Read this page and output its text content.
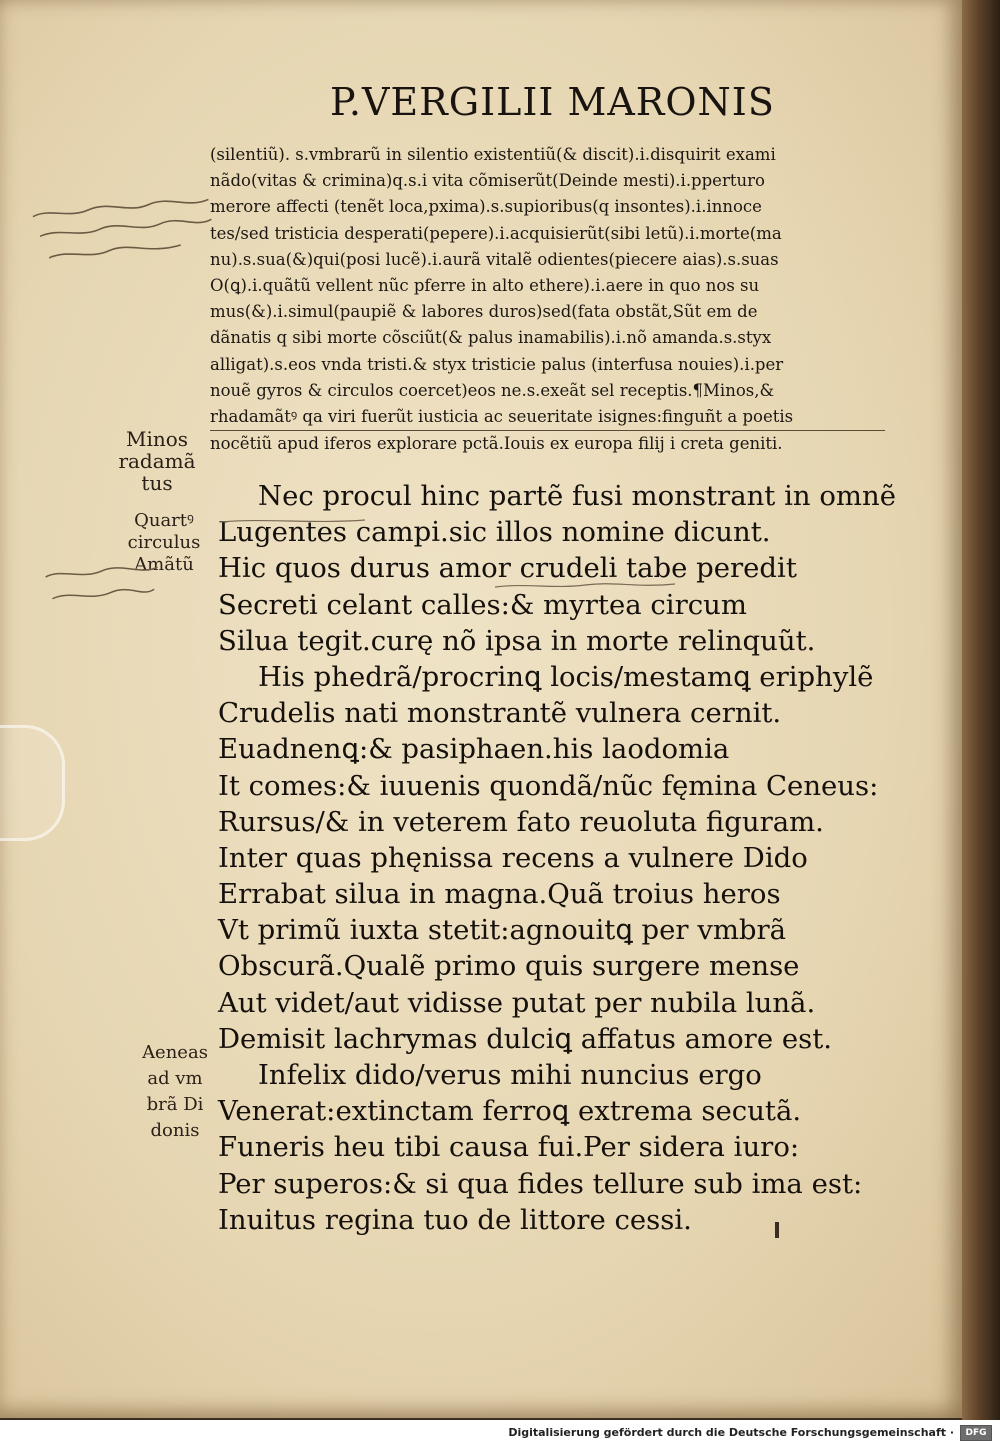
P.VERGILII MARONIS
(silentiũ). s.vmbrarũ in silentio existentiũ(& discit).i.disquirit exami
nãdo(vitas & crimina)q.s.i vita cõmiserũt(Deinde mesti).i.pperturo
merore affecti (tenẽt loca,pxima).s.supioribus(q insontes).i.innoce
tes/sed tristicia desperati(pepere).i.acquisierũt(sibi letũ).i.morte(ma
nu).s.sua(&)qui(posi lucẽ).i.aurã vitalẽ odientes(piecere aias).s.suas
O(ꝗ).i.quãtũ vellent nũc pferre in alto ethere).i.aere in quo nos su
mus(&).i.simul(paupiẽ & labores duros)sed(fata obstãt,Sũt em de
dãnatis q sibi morte cõsciũt(& palus inamabilis).i.nõ amanda.s.styx
alligat).s.eos vnda tristi.& styx tristicie palus (interfusa nouies).i.per
nouẽ gyros & circulos coercet)eos ne.s.exeãt sel receptis.¶Minos,&
rhadamãtꝰ qa viri fuerũt iusticia ac seueritate isignes:finguñt a poetis
nocẽtiũ apud iferos explorare pctã.Iouis ex europa filij i creta geniti.
Nec procul hinc partẽ fusi monstrant in omnẽ
Lugentes campi.sic illos nomine dicunt.
Hic quos durus amor crudeli tabe peredit
Secreti celant calles:& myrtea circum
Silua tegit.curę nõ ipsa in morte relinquũt.
His phedrã/procrinꝗ locis/mestamꝗ eriphylẽ
Crudelis nati monstrantẽ vulnera cernit.
Euadnenꝗ:& pasiphaen.his laodomia
It comes:& iuuenis quondã/nũc fęmina Ceneus:
Rursus/& in veterem fato reuoluta figuram.
Inter quas phęnissa recens a vulnere Dido
Errabat silua in magna.Quã troius heros
Vt primũ iuxta stetit:agnouitꝗ per vmbrã
Obscurã.Qualẽ primo quis surgere mense
Aut videt/aut vidisse putat per nubila lunã.
Demisit lachrymas dulciꝗ affatus amore est.
Infelix dido/verus mihi nuncius ergo
Venerat:extinctam ferroꝗ extrema secutã.
Funeris heu tibi causa fui.Per sidera iuro:
Per superos:& si qua fides tellure sub ima est:
Inuitus regina tuo de littore cessi.
Minos radamã tus
Quartꝰ circulus Amãtũ
Aeneas ad vm brã Di donis
Digitalisierung gefördert durch die Deutsche Forschungsgemeinschaft ·	DFG
